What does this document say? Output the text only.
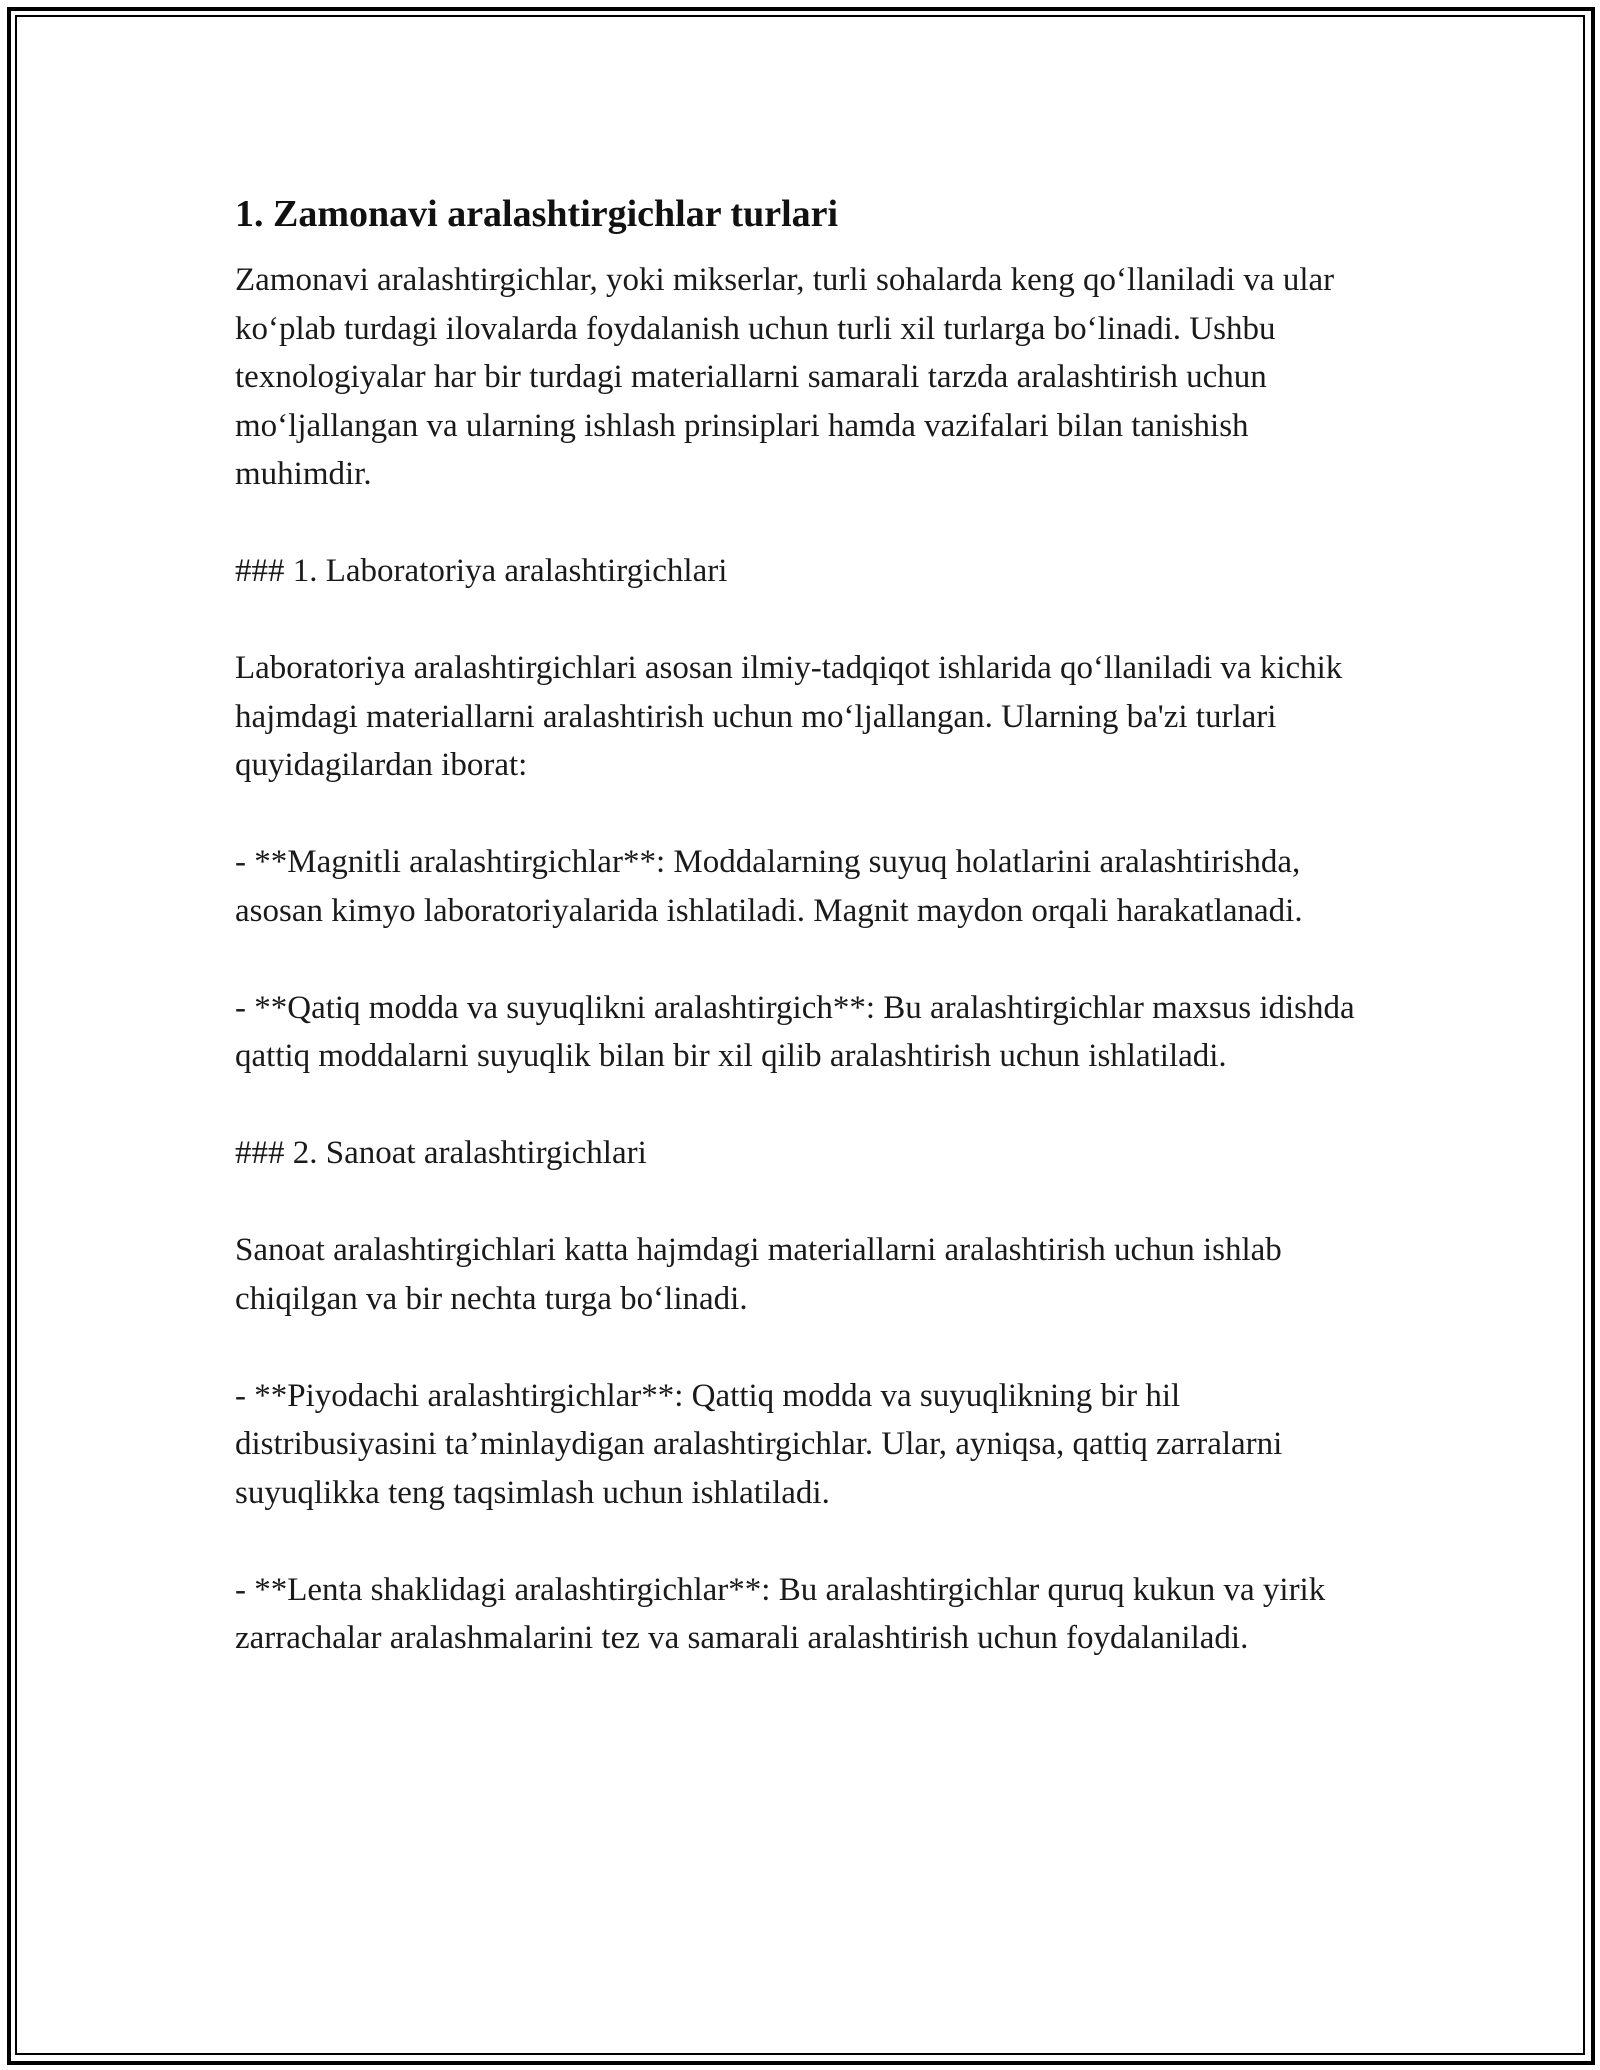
1. Zamonavi aralashtirgichlar turlari

Zamonavi aralashtirgichlar, yoki mikserlar, turli sohalarda keng qo‘llaniladi va ular ko‘plab turdagi ilovalarda foydalanish uchun turli xil turlarga bo‘linadi. Ushbu texnologiyalar har bir turdagi materiallarni samarali tarzda aralashtirish uchun mo‘ljallangan va ularning ishlash prinsiplari hamda vazifalari bilan tanishish muhimdir.

### 1. Laboratoriya aralashtirgichlari

Laboratoriya aralashtirgichlari asosan ilmiy-tadqiqot ishlarida qo‘llaniladi va kichik hajmdagi materiallarni aralashtirish uchun mo‘ljallangan. Ularning ba'zi turlari quyidagilardan iborat:

- **Magnitli aralashtirgichlar**: Moddalarning suyuq holatlarini aralashtirishda, asosan kimyo laboratoriyalarida ishlatiladi. Magnit maydon orqali harakatlanadi.

- **Qatiq modda va suyuqlikni aralashtirgich**: Bu aralashtirgichlar maxsus idishda qattiq moddalarni suyuqlik bilan bir xil qilib aralashtirish uchun ishlatiladi.

### 2. Sanoat aralashtirgichlari

Sanoat aralashtirgichlari katta hajmdagi materiallarni aralashtirish uchun ishlab chiqilgan va bir nechta turga bo‘linadi.

- **Piyodachi aralashtirgichlar**: Qattiq modda va suyuqlikning bir hil distribusiyasini ta’minlaydigan aralashtirgichlar. Ular, ayniqsa, qattiq zarralarni suyuqlikka teng taqsimlash uchun ishlatiladi.

- **Lenta shaklidagi aralashtirgichlar**: Bu aralashtirgichlar quruq kukun va yirik zarrachalar aralashmalarini tez va samarali aralashtirish uchun foydalaniladi.
